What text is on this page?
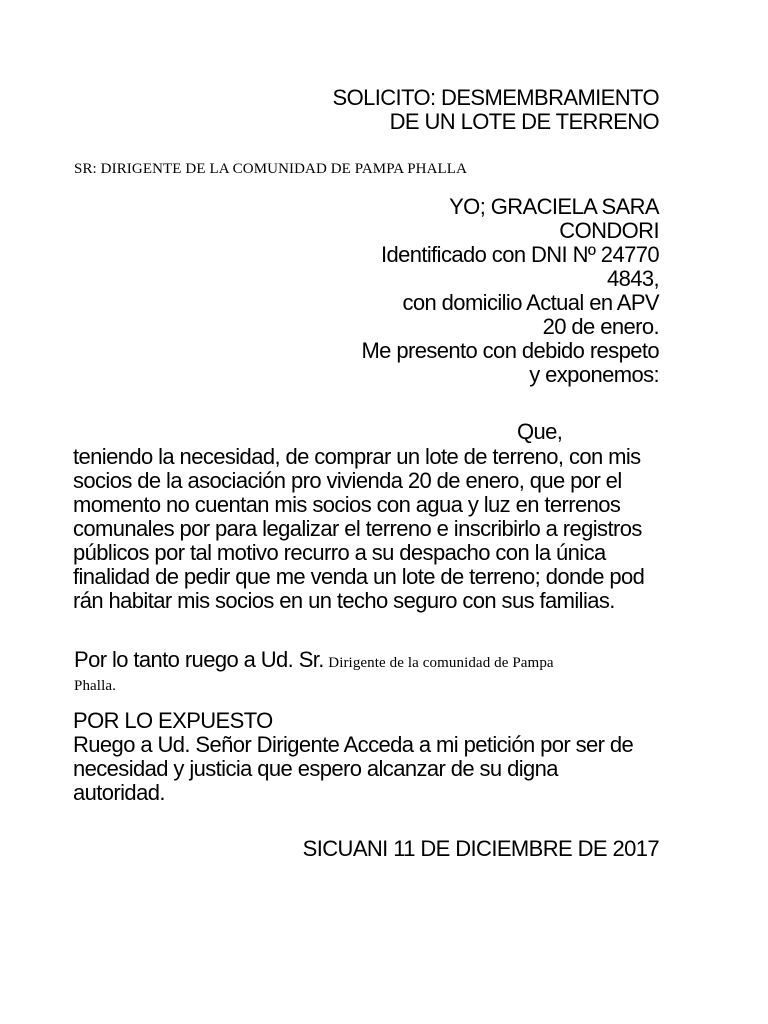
SOLICITO: DESMEMBRAMIENTO
DE UN LOTE DE TERRENO
SR: DIRIGENTE DE LA COMUNIDAD DE PAMPA PHALLA
YO; GRACIELA SARA
CONDORI
Identificado con DNI Nº 24770
4843,
con domicilio Actual en APV
20 de enero.
Me presento con debido respeto
y exponemos:
Que,
teniendo la necesidad, de comprar un lote de terreno, con mis
socios de la asociación pro vivienda 20 de enero, que por el
momento no cuentan mis socios con agua y luz en terrenos
comunales por para legalizar el terreno e inscribirlo a registros
públicos por tal motivo recurro a su despacho con la única
finalidad de pedir que me venda un lote de terreno; donde pod
rán habitar mis socios en un techo seguro con sus familias.
Por lo tanto ruego a Ud. Sr. Dirigente de la comunidad de Pampa
Phalla.
POR LO EXPUESTO
Ruego a Ud. Señor Dirigente Acceda a mi petición por ser de
necesidad y justicia que espero alcanzar de su digna
autoridad.
SICUANI 11 DE DICIEMBRE DE 2017
